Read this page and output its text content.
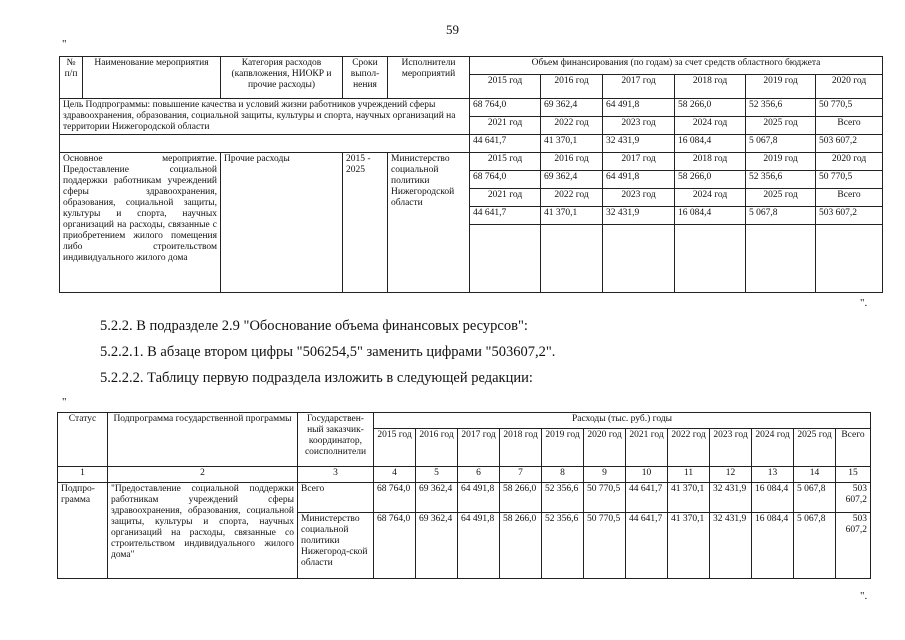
59
"
№ п/п	Наименование мероприятия	Категория расходов (капвложения, НИОКР и прочие расходы)	Сроки выпол-нения	Исполнители мероприятий	Объем финансирования (по годам) за счет средств областного бюджета					
					2015 год	2016 год	2017 год	2018 год	2019 год	2020 год
Цель Подпрограммы: повышение качества и условий жизни работников учреждений сферы здравоохранения, образования, социальной защиты, культуры и спорта, научных организаций на территории Нижегородской области					68 764,0	69 362,4	64 491,8	58 266,0	52 356,6	50 770,5
					2021 год	2022 год	2023 год	2024 год	2025 год	Всего
					44 641,7	41 370,1	32 431,9	16 084,4	5 067,8	503 607,2
Основное мероприятие. Предоставление социальной поддержки работникам учреждений сферы здравоохранения, образования, социальной защиты, культуры и спорта, научных организаций на расходы, связанные с приобретением жилого помещения либо строительством индивидуального жилого дома		Прочие расходы	2015 - 2025	Министерство социальной политики Нижегородской области	2015 год	2016 год	2017 год	2018 год	2019 год	2020 год
					68 764,0	69 362,4	64 491,8	58 266,0	52 356,6	50 770,5
					2021 год	2022 год	2023 год	2024 год	2025 год	Всего
					44 641,7	41 370,1	32 431,9	16 084,4	5 067,8	503 607,2

".
5.2.2. В подразделе 2.9 "Обоснование объема финансовых ресурсов":
5.2.2.1. В абзаце втором цифры "506254,5" заменить цифрами "503607,2".
5.2.2.2. Таблицу первую подраздела изложить в следующей редакции:
"
Статус	Подпрограмма государственной программы	Государствен-ный заказчик-координатор, соисполнители	Расходы (тыс. руб.) годы											
			2015 год	2016 год	2017 год	2018 год	2019 год	2020 год	2021 год	2022 год	2023 год	2024 год	2025 год	Всего
1	2	3	4	5	6	7	8	9	10	11	12	13	14	15
Подпро-грамма	"Предоставление социальной поддержки работникам учреждений сферы здравоохранения, образования, социальной защиты, культуры и спорта, научных организаций на расходы, связанные со строительством индивидуального жилого дома"	Всего	68 764,0	69 362,4	64 491,8	58 266,0	52 356,6	50 770,5	44 641,7	41 370,1	32 431,9	16 084,4	5 067,8	503 607,2
		Министерство социальной политики Нижегород-ской области	68 764,0	69 362,4	64 491,8	58 266,0	52 356,6	50 770,5	44 641,7	41 370,1	32 431,9	16 084,4	5 067,8	503 607,2
".
